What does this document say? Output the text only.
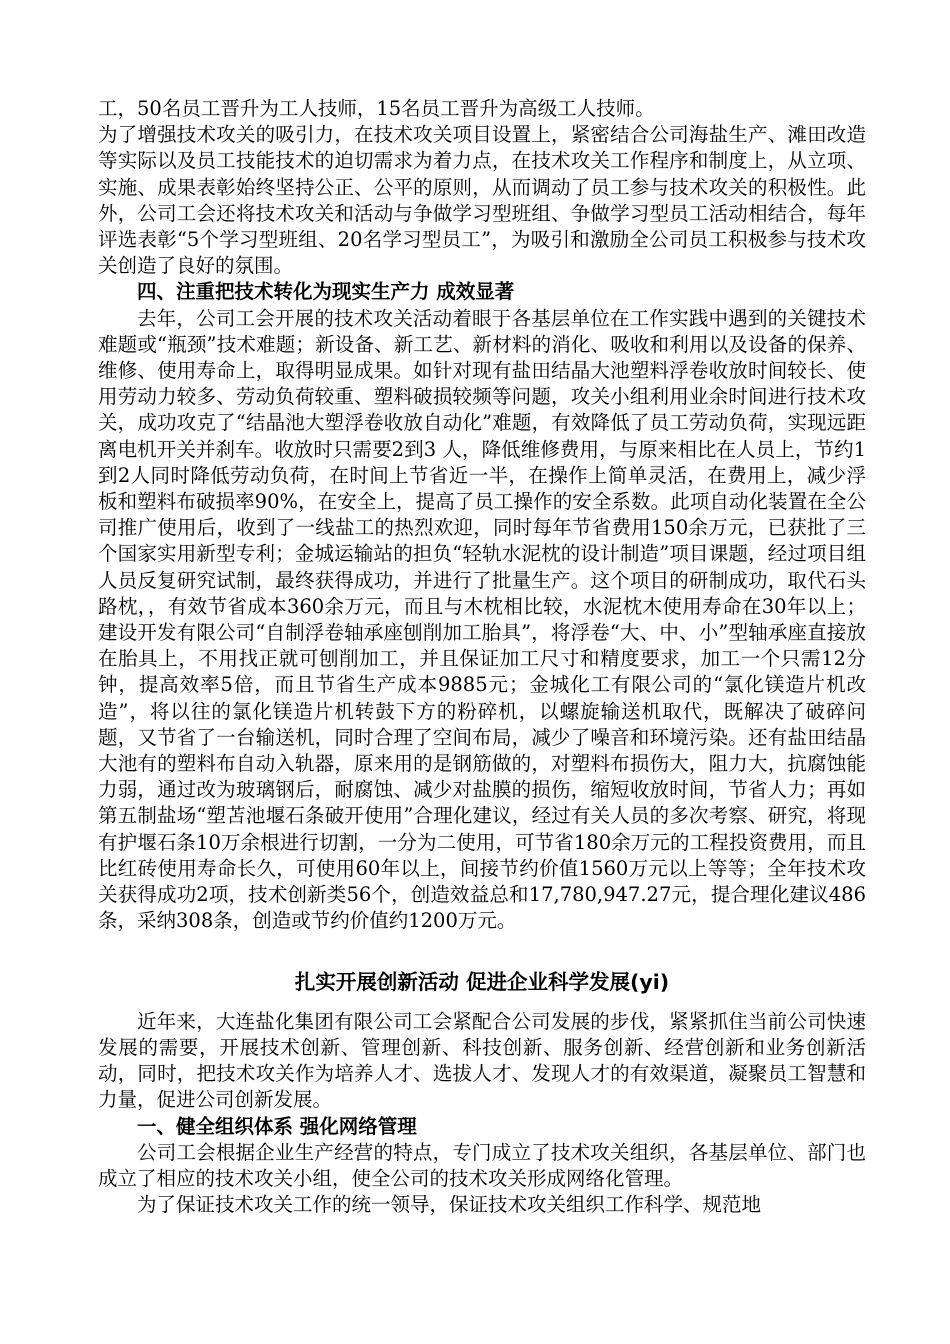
工，50名员工晋升为工人技师，15名员工晋升为高级工人技师。

为了增强技术攻关的吸引力，在技术攻关项目设置上，紧密结合公司海盐生产、滩田改造等实际以及员工技能技术的迫切需求为着力点，在技术攻关工作程序和制度上，从立项、实施、成果表彰始终坚持公正、公平的原则，从而调动了员工参与技术攻关的积极性。此外，公司工会还将技术攻关和活动与争做学习型班组、争做学习型员工活动相结合，每年评选表彰“5个学习型班组、20名学习型员工”，为吸引和激励全公司员工积极参与技术攻关创造了良好的氛围。

四、注重把技术转化为现实生产力 成效显著

去年，公司工会开展的技术攻关活动着眼于各基层单位在工作实践中遇到的关键技术难题或“瓶颈”技术难题；新设备、新工艺、新材料的消化、吸收和利用以及设备的保养、维修、使用寿命上，取得明显成果。如针对现有盐田结晶大池塑料浮卷收放时间较长、使用劳动力较多、劳动负荷较重、塑料破损较频等问题，攻关小组利用业余时间进行技术攻关，成功攻克了“结晶池大塑浮卷收放自动化”难题，有效降低了员工劳动负荷，实现远距离电机开关并刹车。收放时只需要2到3 人，降低维修费用，与原来相比在人员上，节约1到2人同时降低劳动负荷，在时间上节省近一半，在操作上简单灵活，在费用上，减少浮板和塑料布破损率90%，在安全上，提高了员工操作的安全系数。此项自动化装置在全公司推广使用后，收到了一线盐工的热烈欢迎，同时每年节省费用150余万元，已获批了三个国家实用新型专利；金城运输站的担负“轻轨水泥枕的设计制造”项目课题，经过项目组人员反复研究试制，最终获得成功，并进行了批量生产。这个项目的研制成功，取代石头路枕，，有效节省成本360余万元，而且与木枕相比较，水泥枕木使用寿命在30年以上；建设开发有限公司“自制浮卷轴承座刨削加工胎具”，将浮卷“大、中、小”型轴承座直接放在胎具上，不用找正就可刨削加工，并且保证加工尺寸和精度要求，加工一个只需12分钟，提高效率5倍，而且节省生产成本9885元；金城化工有限公司的“氯化镁造片机改造”，将以往的氯化镁造片机转鼓下方的粉碎机，以螺旋输送机取代，既解决了破碎问题，又节省了一台输送机，同时合理了空间布局，减少了噪音和环境污染。还有盐田结晶大池有的塑料布自动入轨器，原来用的是钢筋做的，对塑料布损伤大，阻力大，抗腐蚀能力弱，通过改为玻璃钢后，耐腐蚀、减少对盐膜的损伤，缩短收放时间，节省人力；再如第五制盐场“塑苫池堰石条破开使用”合理化建议，经过有关人员的多次考察、研究，将现有护堰石条10万余根进行切割，一分为二使用，可节省180余万元的工程投资费用，而且比红砖使用寿命长久，可使用60年以上，间接节约价值1560万元以上等等；全年技术攻关获得成功2项，技术创新类56个，创造效益总和17,780,947.27元，提合理化建议486条，采纳308条，创造或节约价值约1200万元。

扎实开展创新活动 促进企业科学发展(yi)

近年来，大连盐化集团有限公司工会紧配合公司发展的步伐，紧紧抓住当前公司快速发展的需要，开展技术创新、管理创新、科技创新、服务创新、经营创新和业务创新活动，同时，把技术攻关作为培养人才、选拔人才、发现人才的有效渠道，凝聚员工智慧和力量，促进公司创新发展。

一、健全组织体系 强化网络管理

公司工会根据企业生产经营的特点，专门成立了技术攻关组织，各基层单位、部门也成立了相应的技术攻关小组，使全公司的技术攻关形成网络化管理。

为了保证技术攻关工作的统一领导，保证技术攻关组织工作科学、规范地
